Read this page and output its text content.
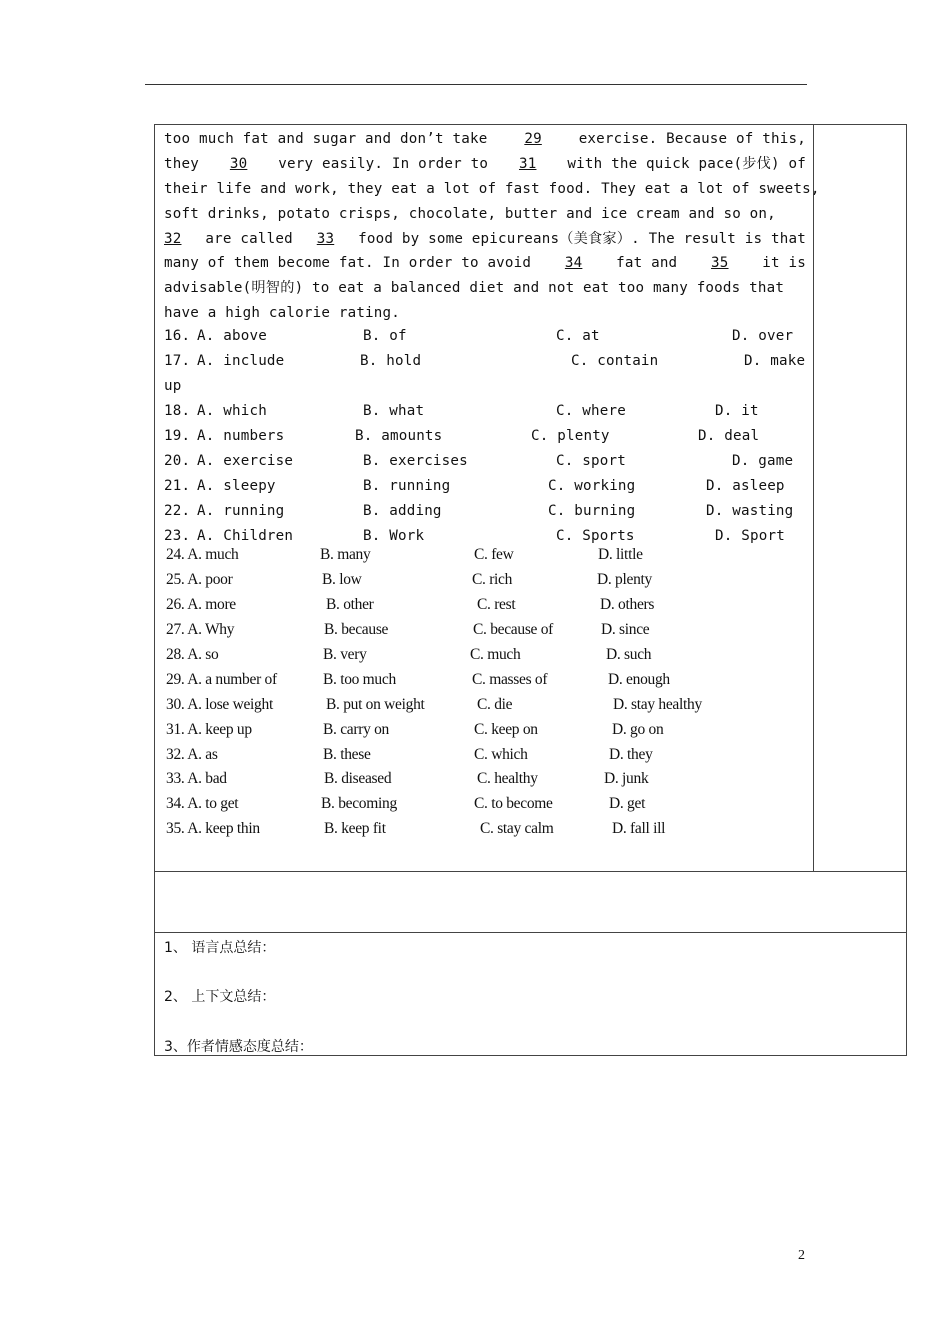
too much fat and sugar and don’t take	29	exercise. Because of this,
they 30 very easily. In order to 31 with the quick pace(步伐) of
their life and work, they eat a lot of fast food. They eat a lot of sweets,
soft drinks, potato crisps, chocolate, butter and ice cream and so on,
32 are called 33 food by some epicureans（美食家）. The result is that
many of them become fat. In order to avoid 34 fat and 35 it is
advisable(明智的) to eat a balanced diet and not eat too many foods that
have a high calorie rating.
16. A. above	B. of	C. at	D. over
17. A. include	B. hold	C. contain	D. make
up
18. A. which	B. what	C. where	D. it
19. A. numbers	B. amounts	C. plenty	D. deal
20. A. exercise	B. exercises	C. sport	D. game
21. A. sleepy	B. running	C. working	D. asleep
22. A. running	B. adding	C. burning	D. wasting
23. A. Children	B. Work	C. Sports	D. Sport
24. A. much	B. many	C. few	D. little
25. A. poor	B. low	C. rich	D. plenty
26. A. more	B. other	C. rest	D. others
27. A. Why	B. because	C. because of	D. since
28. A. so	B. very	C. much	D. such
29. A. a number of	B. too much	C. masses of	D. enough
30. A. lose weight	B. put on weight	C. die	D. stay healthy
31. A. keep up	B. carry on	C. keep on	D. go on
32. A. as	B. these	C. which	D. they
33. A. bad	B. diseased	C. healthy	D. junk
34. A. to get	B. becoming	C. to become	D. get
35. A. keep thin	B. keep fit	C. stay calm	D. fall ill
1、 语言点总结：
2、 上下文总结：
3、作者情感态度总结：
2
